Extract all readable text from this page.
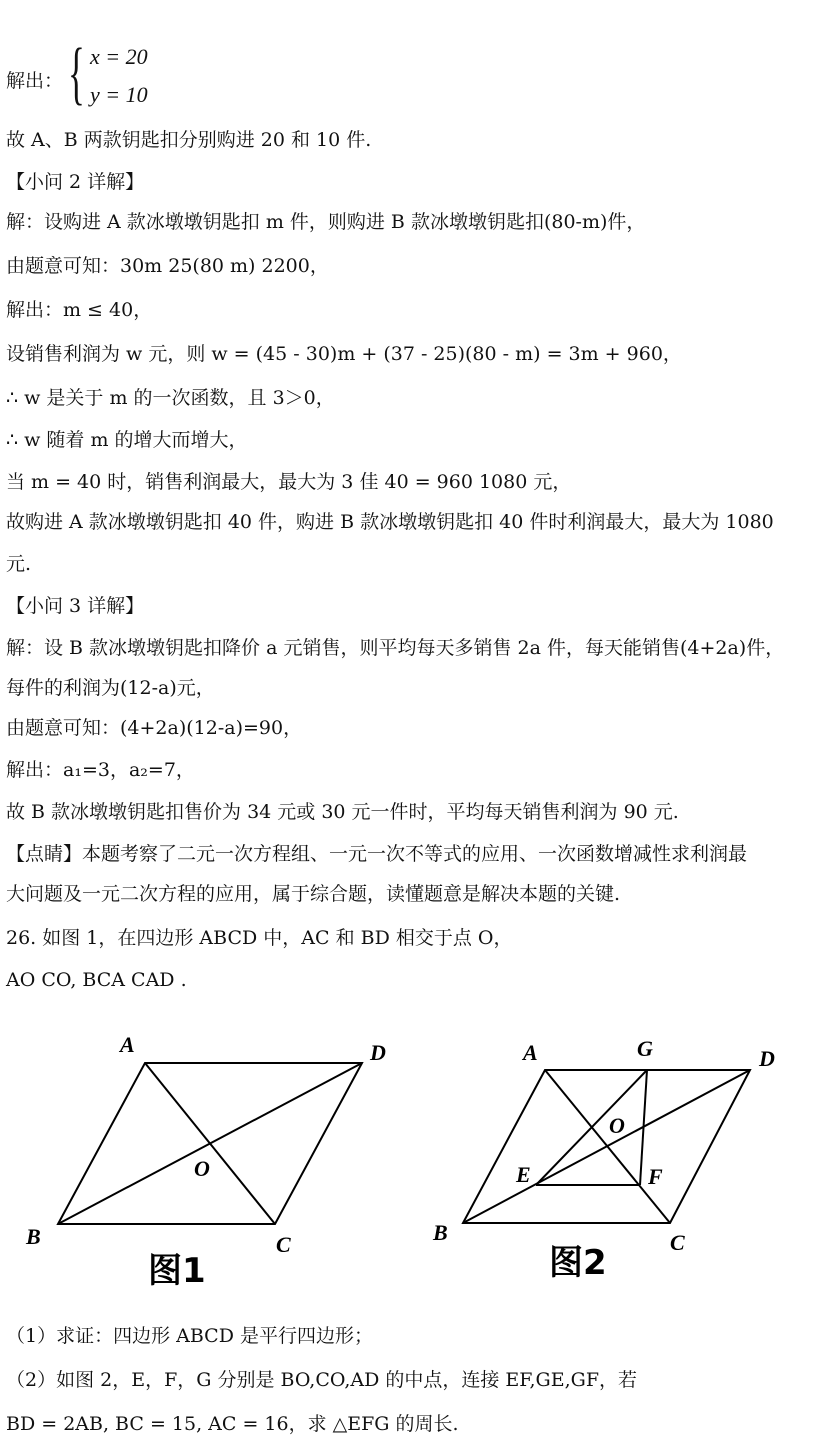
解出： { x = 20
y = 10
故 A、B 两款钥匙扣分别购进 20 和 10 件.
【小问 2 详解】
解：设购进 A 款冰墩墩钥匙扣 m 件，则购进 B 款冰墩墩钥匙扣(80-m)件，
由题意可知：30m 25(80 m) 2200，
解出：m ≤ 40，
设销售利润为 w 元，则 w = (45 - 30)m + (37 - 25)(80 - m) = 3m + 960，
∴ w 是关于 m 的一次函数，且 3＞0，
∴ w 随着 m 的增大而增大，
当 m = 40 时，销售利润最大，最大为 3 佳 40 = 960 1080 元，
故购进 A 款冰墩墩钥匙扣 40 件，购进 B 款冰墩墩钥匙扣 40 件时利润最大，最大为 1080
元.
【小问 3 详解】
解：设 B 款冰墩墩钥匙扣降价 a 元销售，则平均每天多销售 2a 件，每天能销售(4+2a)件，
每件的利润为(12-a)元，
由题意可知：(4+2a)(12-a)=90，
解出：a₁=3，a₂=7，
故 B 款冰墩墩钥匙扣售价为 34 元或 30 元一件时，平均每天销售利润为 90 元.
【点睛】本题考察了二元一次方程组、一元一次不等式的应用、一次函数增减性求利润最
大问题及一元二次方程的应用，属于综合题，读懂题意是解决本题的关键.
26. 如图 1，在四边形 ABCD 中，AC 和 BD 相交于点 O，
AO CO, BCA CAD .
A	D
O
B	C
图1
A	G	D
O
E	F
B	C
图2
（1）求证：四边形 ABCD 是平行四边形；
（2）如图 2，E，F，G 分别是 BO,CO,AD 的中点，连接 EF,GE,GF，若
BD = 2AB, BC = 15, AC = 16，求 △EFG 的周长.
